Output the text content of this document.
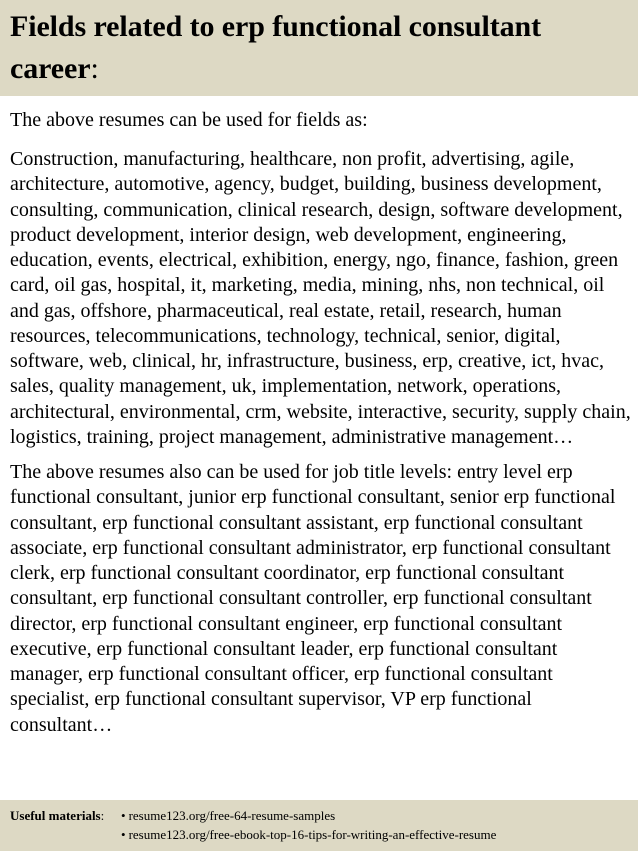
Fields related to erp functional consultant career:

The above resumes can be used for fields as:

Construction, manufacturing, healthcare, non profit, advertising, agile, architecture, automotive, agency, budget, building, business development, consulting, communication, clinical research, design, software development, product development, interior design, web development, engineering, education, events, electrical, exhibition, energy, ngo, finance, fashion, green card, oil gas, hospital, it, marketing, media, mining, nhs, non technical, oil and gas, offshore, pharmaceutical, real estate, retail, research, human resources, telecommunications, technology, technical, senior, digital, software, web, clinical, hr, infrastructure, business, erp, creative, ict, hvac, sales, quality management, uk, implementation, network, operations, architectural, environmental, crm, website, interactive, security, supply chain, logistics, training, project management, administrative management…

The above resumes also can be used for job title levels: entry level erp functional consultant, junior erp functional consultant, senior erp functional consultant, erp functional consultant assistant, erp functional consultant associate, erp functional consultant administrator, erp functional consultant clerk, erp functional consultant coordinator, erp functional consultant consultant, erp functional consultant controller, erp functional consultant director, erp functional consultant engineer, erp functional consultant executive, erp functional consultant leader, erp functional consultant manager, erp functional consultant officer, erp functional consultant specialist, erp functional consultant supervisor, VP erp functional consultant…

Useful materials:	• resume123.org/free-64-resume-samples
• resume123.org/free-ebook-top-16-tips-for-writing-an-effective-resume
